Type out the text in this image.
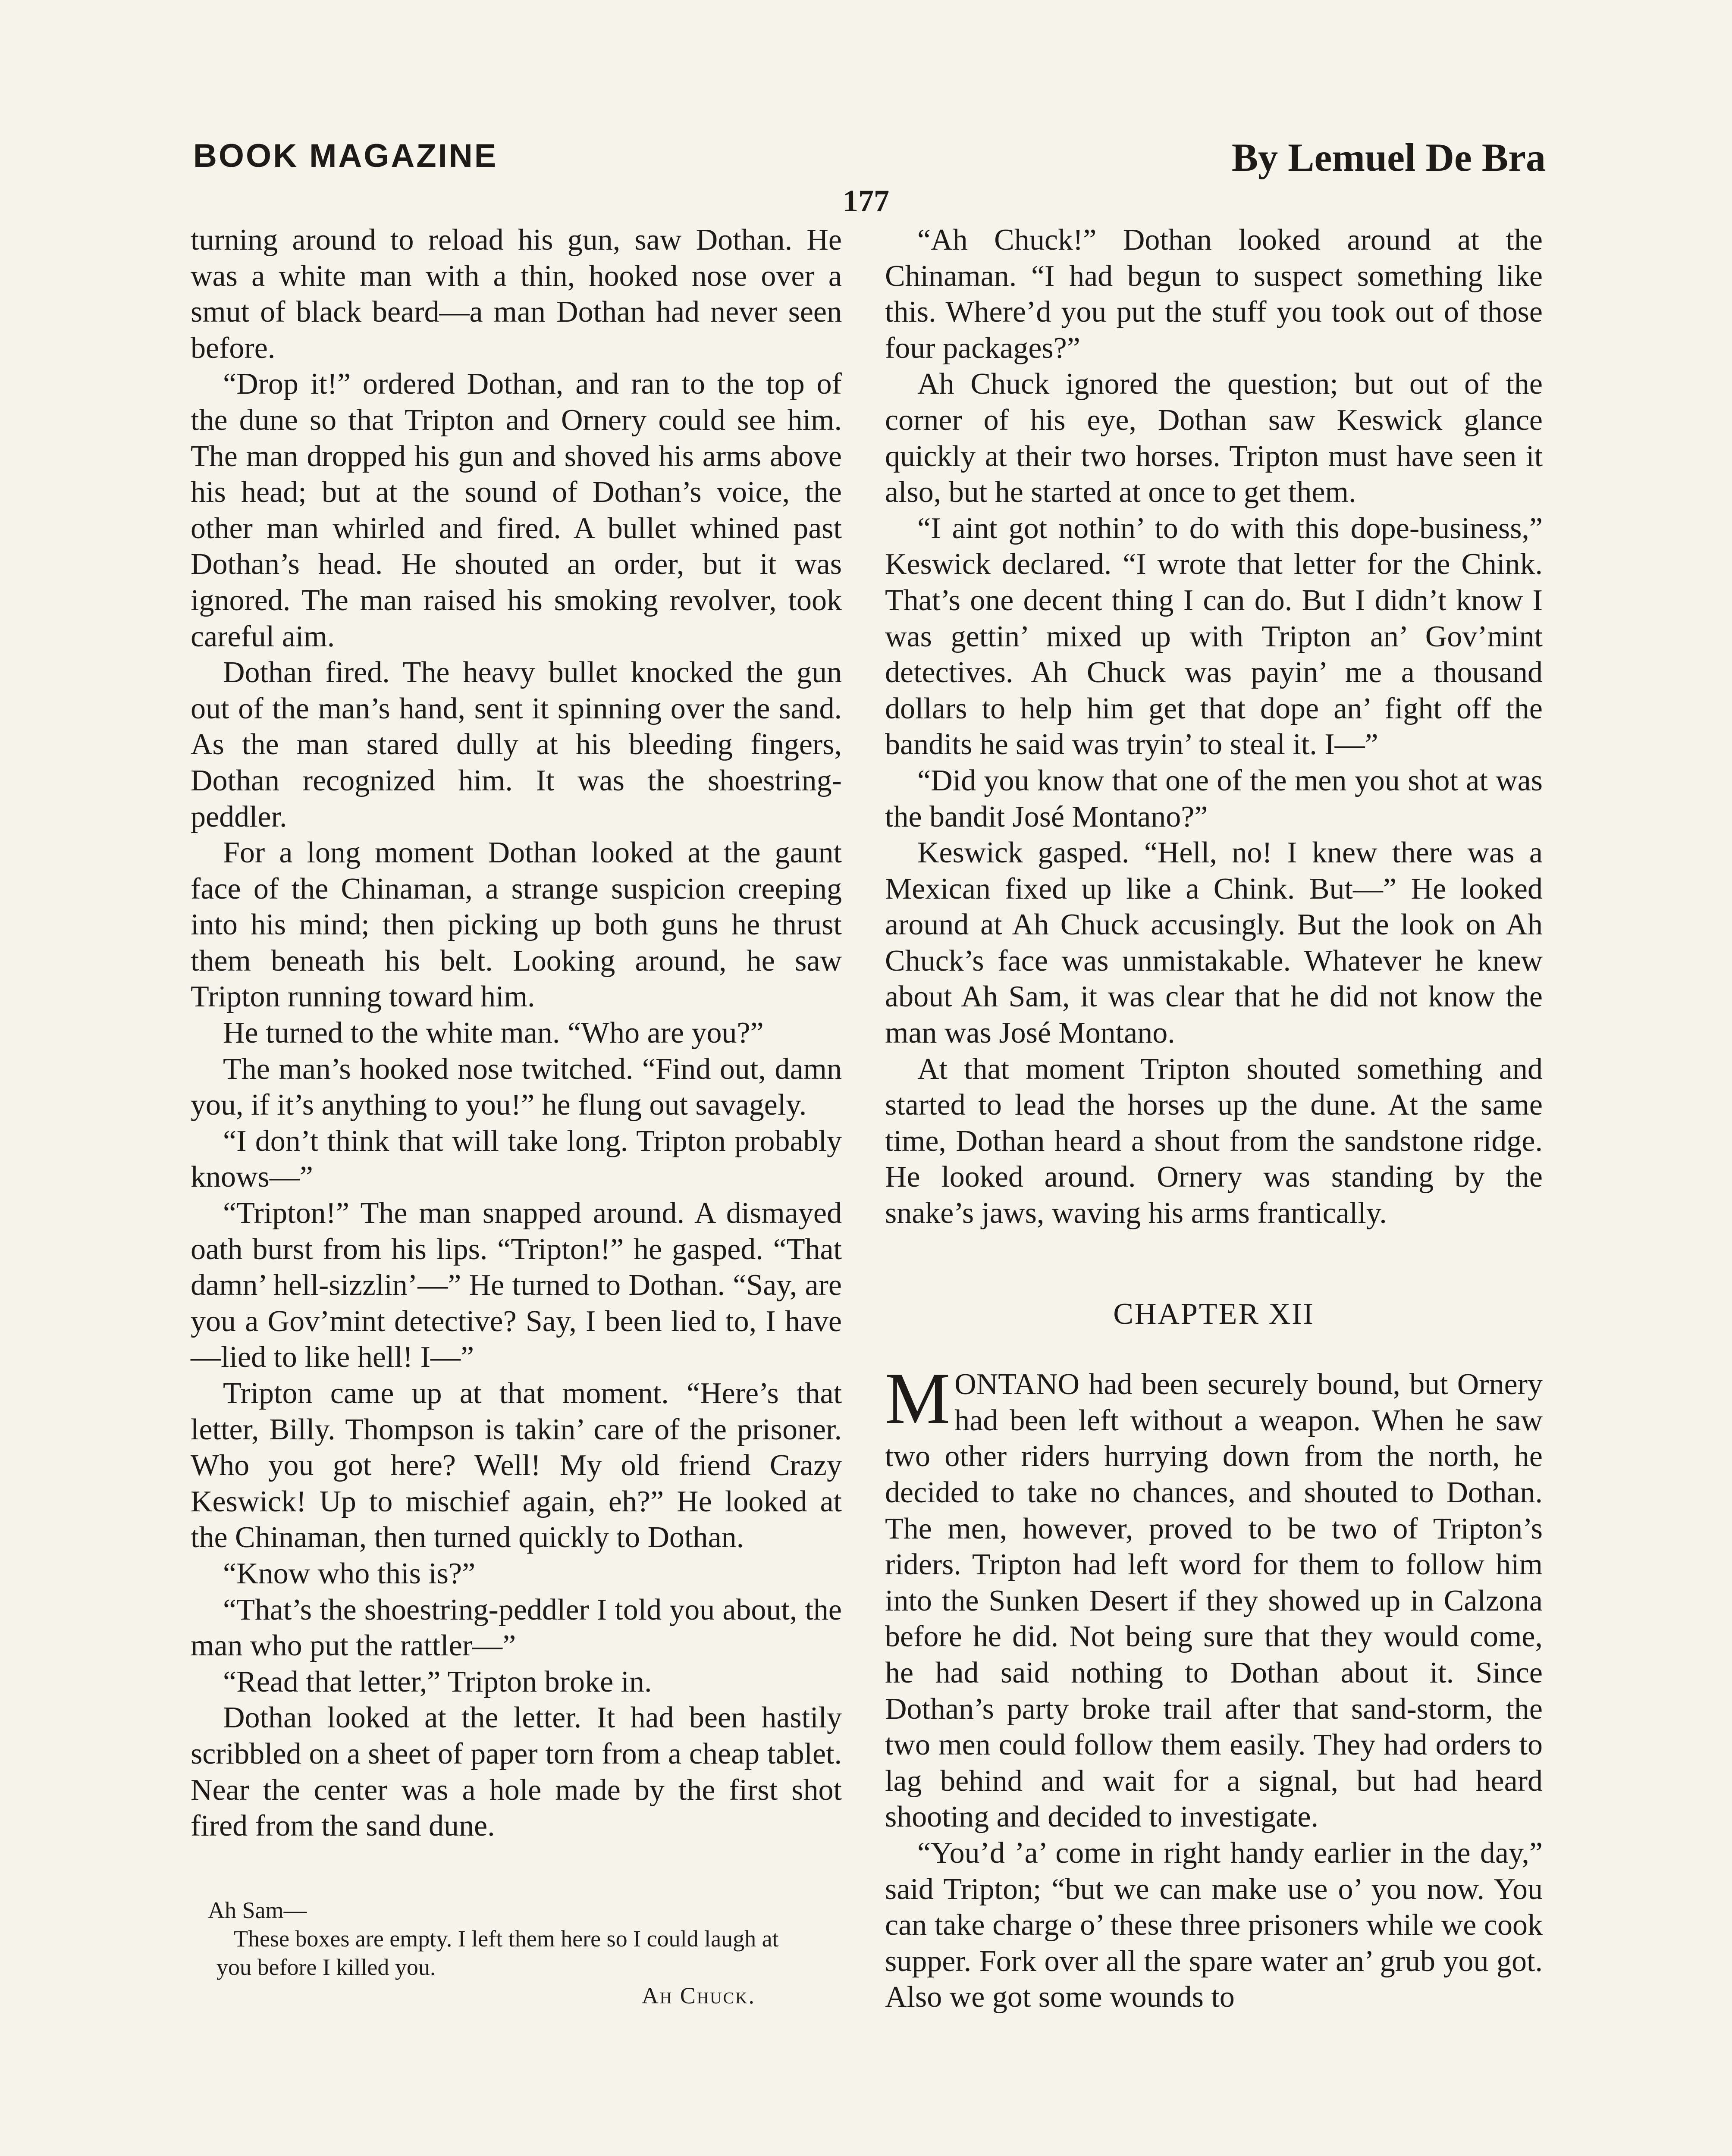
BOOK MAGAZINE	By Lemuel De Bra
177

turning around to reload his gun, saw Dothan. He was a white man with a thin, hooked nose over a smut of black beard—a man Dothan had never seen before.

“Drop it!” ordered Dothan, and ran to the top of the dune so that Tripton and Ornery could see him. The man dropped his gun and shoved his arms above his head; but at the sound of Dothan’s voice, the other man whirled and fired. A bullet whined past Dothan’s head. He shouted an order, but it was ignored. The man raised his smoking revolver, took careful aim.

Dothan fired. The heavy bullet knocked the gun out of the man’s hand, sent it spinning over the sand. As the man stared dully at his bleeding fingers, Dothan recognized him. It was the shoestring-peddler.

For a long moment Dothan looked at the gaunt face of the Chinaman, a strange suspicion creeping into his mind; then picking up both guns he thrust them beneath his belt. Looking around, he saw Tripton running toward him.

He turned to the white man. “Who are you?”

The man’s hooked nose twitched. “Find out, damn you, if it’s anything to you!” he flung out savagely.

“I don’t think that will take long. Tripton probably knows—”

“Tripton!” The man snapped around. A dismayed oath burst from his lips. “Tripton!” he gasped. “That damn’ hell-sizzlin’—” He turned to Dothan. “Say, are you a Gov’mint detective? Say, I been lied to, I have—lied to like hell! I—”

Tripton came up at that moment. “Here’s that letter, Billy. Thompson is takin’ care of the prisoner. Who you got here? Well! My old friend Crazy Keswick! Up to mischief again, eh?” He looked at the Chinaman, then turned quickly to Dothan.

“Know who this is?”

“That’s the shoestring-peddler I told you about, the man who put the rattler—”

“Read that letter,” Tripton broke in.

Dothan looked at the letter. It had been hastily scribbled on a sheet of paper torn from a cheap tablet. Near the center was a hole made by the first shot fired from the sand dune.

Ah Sam—
These boxes are empty. I left them here so I could laugh at you before I killed you.
Ah Chuck.

“Ah Chuck!” Dothan looked around at the Chinaman. “I had begun to suspect something like this. Where’d you put the stuff you took out of those four packages?”

Ah Chuck ignored the question; but out of the corner of his eye, Dothan saw Keswick glance quickly at their two horses. Tripton must have seen it also, but he started at once to get them.

“I aint got nothin’ to do with this dope-business,” Keswick declared. “I wrote that letter for the Chink. That’s one decent thing I can do. But I didn’t know I was gettin’ mixed up with Tripton an’ Gov’mint detectives. Ah Chuck was payin’ me a thousand dollars to help him get that dope an’ fight off the bandits he said was tryin’ to steal it. I—”

“Did you know that one of the men you shot at was the bandit José Montano?”

Keswick gasped. “Hell, no! I knew there was a Mexican fixed up like a Chink. But—” He looked around at Ah Chuck accusingly. But the look on Ah Chuck’s face was unmistakable. Whatever he knew about Ah Sam, it was clear that he did not know the man was José Montano.

At that moment Tripton shouted something and started to lead the horses up the dune. At the same time, Dothan heard a shout from the sandstone ridge. He looked around. Ornery was standing by the snake’s jaws, waving his arms frantically.

CHAPTER XII

MONTANO had been securely bound, but Ornery had been left without a weapon. When he saw two other riders hurrying down from the north, he decided to take no chances, and shouted to Dothan. The men, however, proved to be two of Tripton’s riders. Tripton had left word for them to follow him into the Sunken Desert if they showed up in Calzona before he did. Not being sure that they would come, he had said nothing to Dothan about it. Since Dothan’s party broke trail after that sand-storm, the two men could follow them easily. They had orders to lag behind and wait for a signal, but had heard shooting and decided to investigate.

“You’d ’a’ come in right handy earlier in the day,” said Tripton; “but we can make use o’ you now. You can take charge o’ these three prisoners while we cook supper. Fork over all the spare water an’ grub you got. Also we got some wounds to
